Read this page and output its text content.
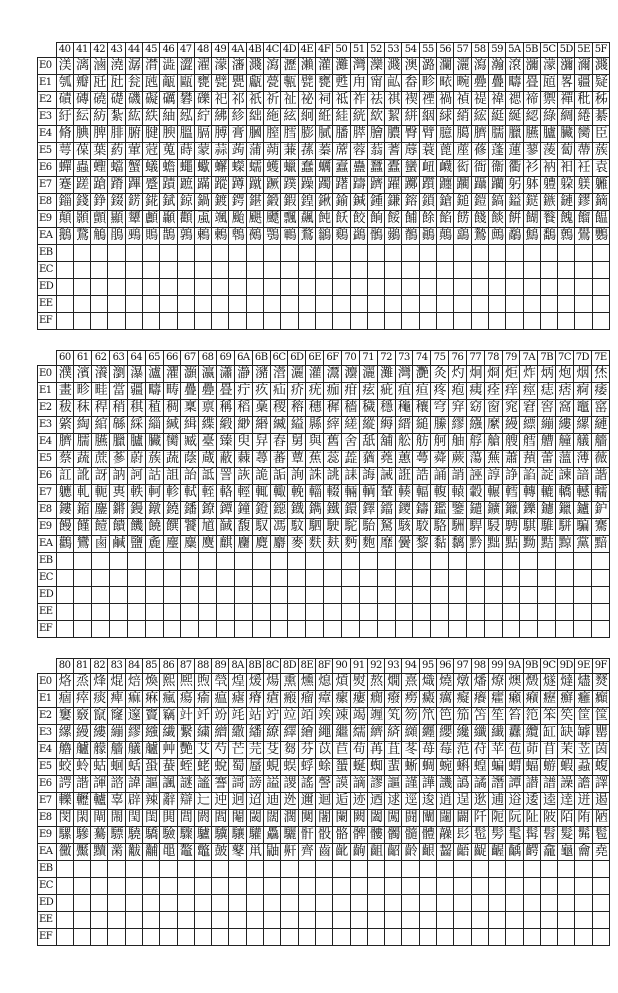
	40	41	42	43	44	45	46	47	48	49	4A	4B	4C	4D	4E	4F	50	51	52	53	54	55	56	57	58	59	5A	5B	5C	5D	5E	5F
E0	渼	漓	滷	澆	潺	潸	澁	澀	濯	濛	瀋	濺	瀉	瀝	瀨	灌	灘	灣	灤	濺	澳	潞	瀾	灑	瀉	瀚	滾	瀰	濛	瀰	濔	濺
E1	瓠	瓣	瓩	瓧	瓮	瓲	甋	甌	甕	甓	甖	甗	甍	甎	甓	甕	甦	甪	甯	畆	畚	畛	畩	畹	疉	疊	疇	疂	瓸	畧	疆	疑
E2	磧	磚	磽	礎	磯	礙	礪	礬	礫	祀	祁	祇	祈	祉	祕	祠	祗	祚	祛	祺	禊	禋	禍	禎	禔	禕	禗	禘	禦	禪	秕	秭
E3	紆	紜	紡	紮	紘	紩	紬	紭	紵	紼	紾	絀	絁	絃	絅	絍	絓	絖	絘	絜	絣	絪	絿	綃	綋	綎	綖	綛	綠	綢	綣	綦
E4	脩	腆	脾	腓	腑	腱	腴	膃	膈	膊	膏	膕	膣	膤	膨	膩	膰	膵	膾	膿	臀	臂	臆	臈	臍	臑	臘	臙	臚	臟	臠	臣
E5	萼	葆	葉	葯	葷	蒄	蒐	蒔	蒙	蒜	蒟	蒲	蒴	蒹	蓀	蓁	蓆	蓉	蓊	蓍	蓐	蓑	蓖	蓙	蓚	蓬	蓮	蓼	蔆	蔔	蔕	蔟
E6	蟬	蟲	蟶	蟷	蟹	蟻	蟾	蠅	蠍	蠏	蠑	蠕	蠖	蠟	蠢	蠣	蠧	蠱	蠶	蠹	蠻	衄	衊	衒	衙	衞	衢	衫	衲	衵	衽	袁
E7	蹇	蹉	蹌	蹐	蹕	蹙	蹟	蹠	蹣	蹤	蹲	蹴	蹶	蹼	躁	躅	躇	躊	躋	躍	躑	躓	躔	躙	躡	躪	躬	躰	軆	躱	躾	軅
E8	錙	錢	錚	錣	錺	錵	錻	鍄	鍋	鍍	鍔	鍖	鍛	鍜	鍠	鍬	鍮	鍼	鍾	鎌	鎔	鎖	鎗	鎚	鎧	鎬	鎰	鎹	鏃	鏈	鏐	鏑
E9	顛	顥	顫	顯	顰	顱	顳	顴	颪	颯	颱	颶	飃	飄	飆	飩	飫	餃	餉	餒	餔	餘	餡	餝	餞	餤	餠	餬	餮	餽	餾	饂
EA	鵝	鵞	鵤	鵑	鵐	鵙	鵲	鶉	鶇	鶫	鵯	鵺	鶚	鶤	鶩	鶲	鷄	鷁	鶻	鶸	鶺	鷆	鷏	鷂	鷙	鷓	鷸	鷦	鷭	鷯	鷽	鸚
EB																																
EC																																
ED																																
EE																																
EF																																
	60	61	62	63	64	65	66	67	68	69	6A	6B	6C	6D	6E	6F	70	71	72	73	74	75	76	77	78	79	7A	7B	7C	7D	7E
E0	濮	濱	瀁	瀏	瀑	瀘	灈	灝	瀛	瀟	瀞	瀦	瀯	灑	灌	灊	灋	灑	灘	灣	灧	灸	灼	炯	烱	炬	炸	炳	炮	烟	烋
E1	畫	畛	畦	當	疆	疇	畴	疊	疉	疂	疔	疚	疝	疥	疣	痂	疳	痃	疵	疽	疸	疼	疱	痍	痊	痒	痙	痣	痞	痾	痿
E2	秡	秣	稈	稍	稘	稙	稠	稟	禀	稱	稻	稾	稷	穃	穗	穉	穡	穢	穩	龝	穰	穹	穽	窈	窗	窕	窘	窖	窩	竈	窰
E3	綮	綯	綰	緜	綵	緇	緘	緝	緤	緞	緲	緡	縅	縊	縣	縡	縒	縱	縟	縉	縋	縢	繆	繦	縻	縵	縹	繃	縷	縲	縺
E4	臍	臑	臙	臘	臚	臟	臠	臧	臺	臻	臾	舁	舂	舅	與	舊	舍	舐	舖	舩	舫	舸	舳	艀	艙	艘	艝	艚	艟	艤	艢
E5	蔡	蔬	蔗	蔘	蔚	蔟	蔬	蔭	蔵	蔽	蕀	蕁	蕃	蕈	蕉	蕊	蕋	蕕	蕘	蕙	蕚	蕣	蕨	蕩	蕪	蕭	蕷	蕾	薀	薄	薇
E6	訌	訛	訝	訥	訶	詁	詛	詒	詆	詈	詼	詭	詬	詢	誅	誂	誄	誨	誡	誑	誥	誦	誚	誣	諄	諍	諂	諚	諫	諳	諧
E7	軈	軋	軛	軣	軼	軻	軫	軾	輊	輅	輕	輒	輙	輓	輜	輟	輛	輌	輦	輳	輻	輹	轅	轂	輾	轌	轉	轆	轎	轗	轜
E8	鏤	鏥	鏖	鏘	鏝	鐓	鐃	鐇	鐐	鐔	鐘	鐙	鐚	鐡	鐫	鐵	鐶	鐸	鐺	鑁	鑄	鑑	鑒	鑓	鑛	鑞	鑠	鑢	鑞	鑪	鈩
E9	饅	饉	饐	饋	饑	饒	饌	饕	馗	馘	馥	馭	馮	馼	駟	駛	駝	駘	駑	駭	駮	駱	駲	駻	駸	騁	騏	騅	駢	騙	騫
EA	鸛	鸞	鹵	鹹	鹽	麁	麈	麋	麌	麒	麕	麑	麝	麥	麩	麸	麪	麭	靡	黌	黎	黏	黐	黔	黜	點	黝	黠	黥	黨	黯
EB																															
EC																															
ED																															
EE																															
EF																															
	80	81	82	83	84	85	86	87	88	89	8A	8B	8C	8D	8E	8F	90	91	92	93	94	95	96	97	98	99	9A	9B	9C	9D	9E	9F
E0	烙	烝	烽	焜	焙	煥	熙	熈	煦	煢	煌	煖	煬	熏	燻	熄	熕	熨	熬	燗	熹	熾	燒	燉	燔	燎	燠	燬	燧	燵	燼	燹
E1	痼	瘁	痰	痺	痲	痳	瘋	瘍	瘉	瘟	瘧	瘠	瘡	瘢	瘤	瘴	瘰	瘻	癇	癈	癆	癜	癘	癡	癢	癨	癩	癪	癧	癬	癰	癲
E2	窶	竅	竄	窿	邃	竇	竊	竍	竏	竕	竓	站	竚	竝	竡	竢	竦	竭	竰	笂	笏	笊	笆	笳	笘	笙	笞	笵	笨	笶	筐	筺
E3	縲	縵	縷	繃	繆	繈	繊	繋	繍	繒	繖	繙	繚	繹	繪	繩	繼	繻	纃	緕	纐	纒	纓	纔	纖	纎	纛	纜	缸	缺	罅	罌
E4	艪	艫	艨	艢	艤	艫	艸	艷	艾	芍	芒	芫	芟	芻	芬	苡	苣	苟	苒	苴	苳	苺	莓	范	苻	苹	苞	茆	苜	茉	苙	茵
E5	蛟	蛉	蛄	蛔	蛞	蛩	蛬	蛭	蛯	蛻	蜀	蜃	蜆	蜈	蜉	蜍	蜑	蜒	蜘	蜚	蜥	蜩	蜿	蝌	蝗	蝙	蝟	蝠	蝣	蝦	蝨	蝮
E6	諤	諧	諢	諮	諱	謳	諷	謎	謐	謇	謌	謗	謚	謖	謠	謦	謨	謫	謬	謳	謹	譁	譏	譌	譎	譖	譚	譛	譜	譟	譫	譯
E7	轢	轣	轤	辜	辟	辣	辭	辯	辷	迚	迥	迢	迪	迯	邇	迴	逅	迹	迺	逑	逕	逡	逍	逞	逖	逋	逧	逶	逵	逹	迸	遏
E8	閔	閖	閘	閙	閠	閨	閧	閭	閼	閻	閹	閾	闊	濶	闃	闍	闌	闕	闔	闖	闘	闡	闥	闢	阡	阨	阮	阯	陂	陌	陏	陋
E9	騾	驂	驀	驃	驍	驕	驗	驟	驢	驥	驤	驩	驫	驪	骭	骰	骼	髀	髏	髑	髓	體	髞	髟	髢	髣	髦	髯	髫	髮	髴	髱
EA	黴	黶	黷	黹	黻	黼	黽	鼇	鼈	皷	鼕	鼡	鼬	鼾	齊	齒	齔	齣	齟	齠	齡	齦	齧	齬	齪	齷	齲	齶	龕	龜	龠	堯
EB																																
EC																																
ED																																
EE																																
EF																																
